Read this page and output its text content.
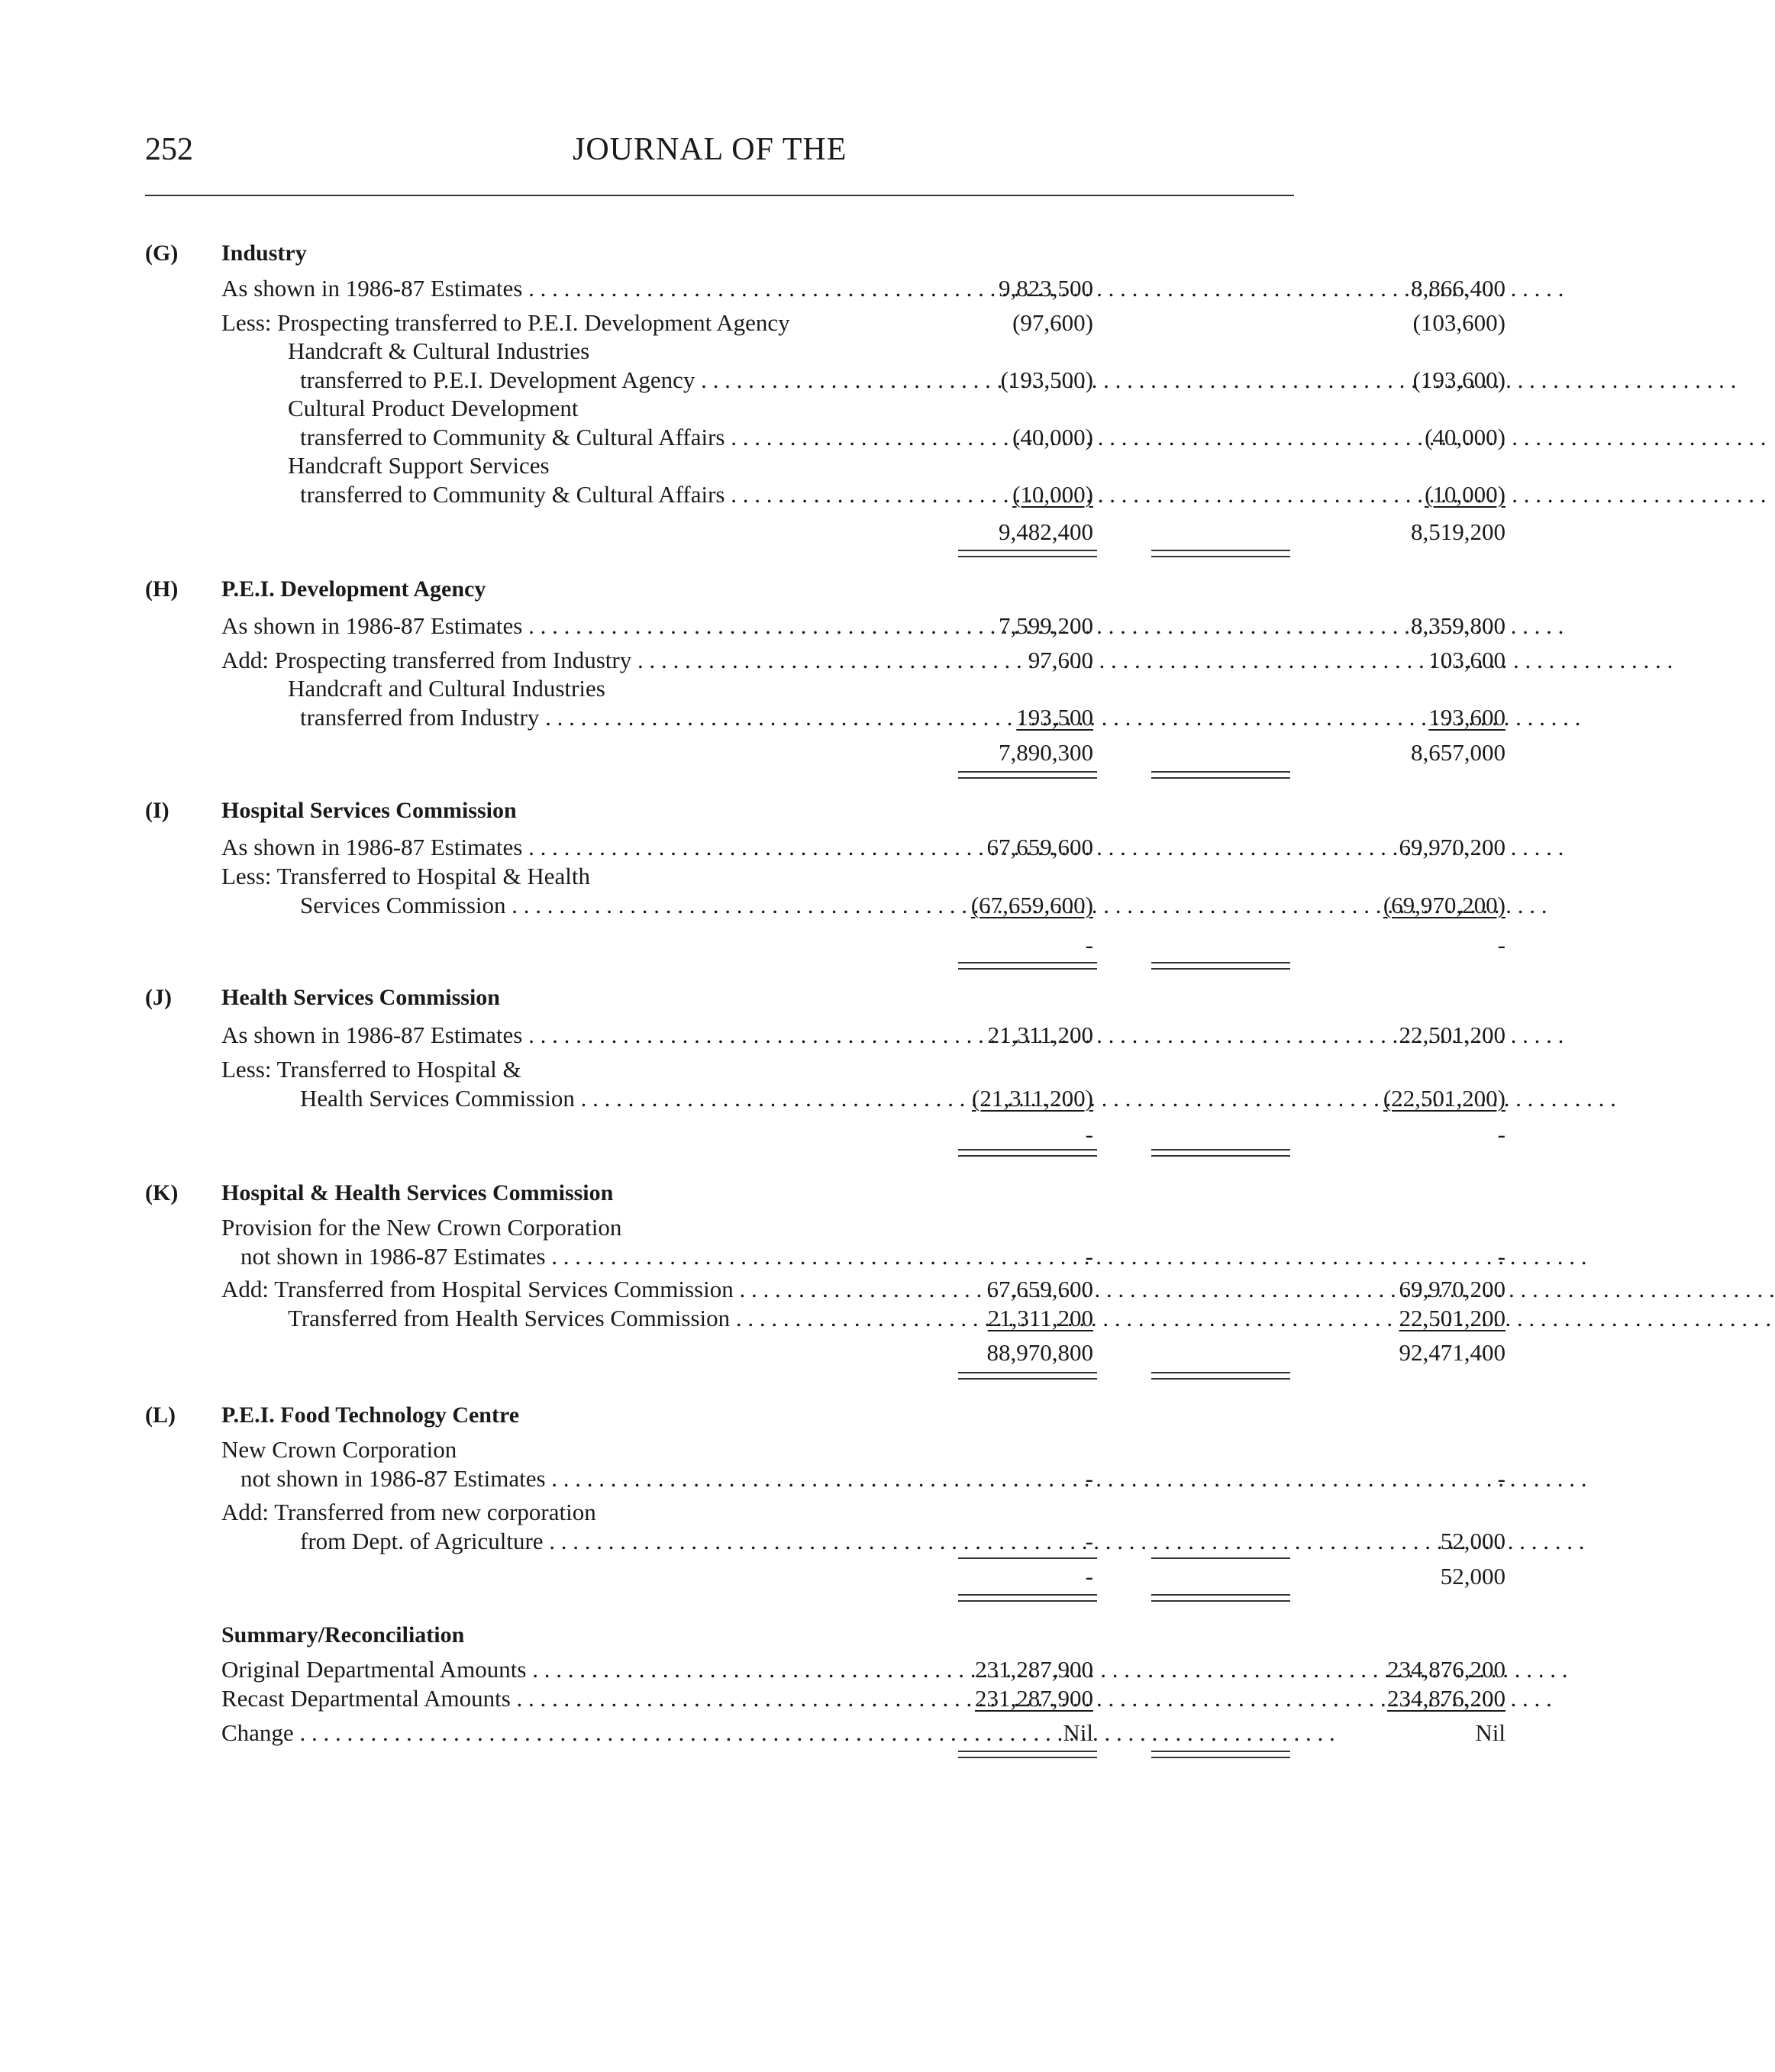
252	JOURNAL OF THE
(G) Industry
As shown in 1986-87 Estimates . . .	9,823,500	8,866,400
Less: Prospecting transferred to P.E.I. Development Agency	(97,600)	(103,600)
Handcraft & Cultural Industries
transferred to P.E.I. Development Agency . . .	(193,500)	(193,600)
Cultural Product Development
transferred to Community & Cultural Affairs . . .	(40,000)	(40,000)
Handcraft Support Services
transferred to Community & Cultural Affairs . . .	(10,000)	(10,000)
9,482,400	8,519,200
(H) P.E.I. Development Agency
As shown in 1986-87 Estimates . . .	7,599,200	8,359,800
Add: Prospecting transferred from Industry . . .	97,600	103,600
Handcraft and Cultural Industries
transferred from Industry . . .	193,500	193,600
7,890,300	8,657,000
(I) Hospital Services Commission
As shown in 1986-87 Estimates . . .	67,659,600	69,970,200
Less: Transferred to Hospital & Health
Services Commission . . .	(67,659,600)	(69,970,200)
-	-
(J) Health Services Commission
As shown in 1986-87 Estimates . . .	21,311,200	22,501,200
Less: Transferred to Hospital &
Health Services Commission . . .	(21,311,200)	(22,501,200)
-	-
(K) Hospital & Health Services Commission
Provision for the New Crown Corporation
not shown in 1986-87 Estimates . . .	-	-
Add: Transferred from Hospital Services Commission . . .	67,659,600	69,970,200
Transferred from Health Services Commission . . .	21,311,200	22,501,200
88,970,800	92,471,400
(L) P.E.I. Food Technology Centre
New Crown Corporation
not shown in 1986-87 Estimates . . .	-	-
Add: Transferred from new corporation
from Dept. of Agriculture . . .	-	52,000
-	52,000
Summary/Reconciliation
Original Departmental Amounts . . .	231,287,900	234,876,200
Recast Departmental Amounts . . .	231,287,900	234,876,200
Change . . .	Nil	Nil
